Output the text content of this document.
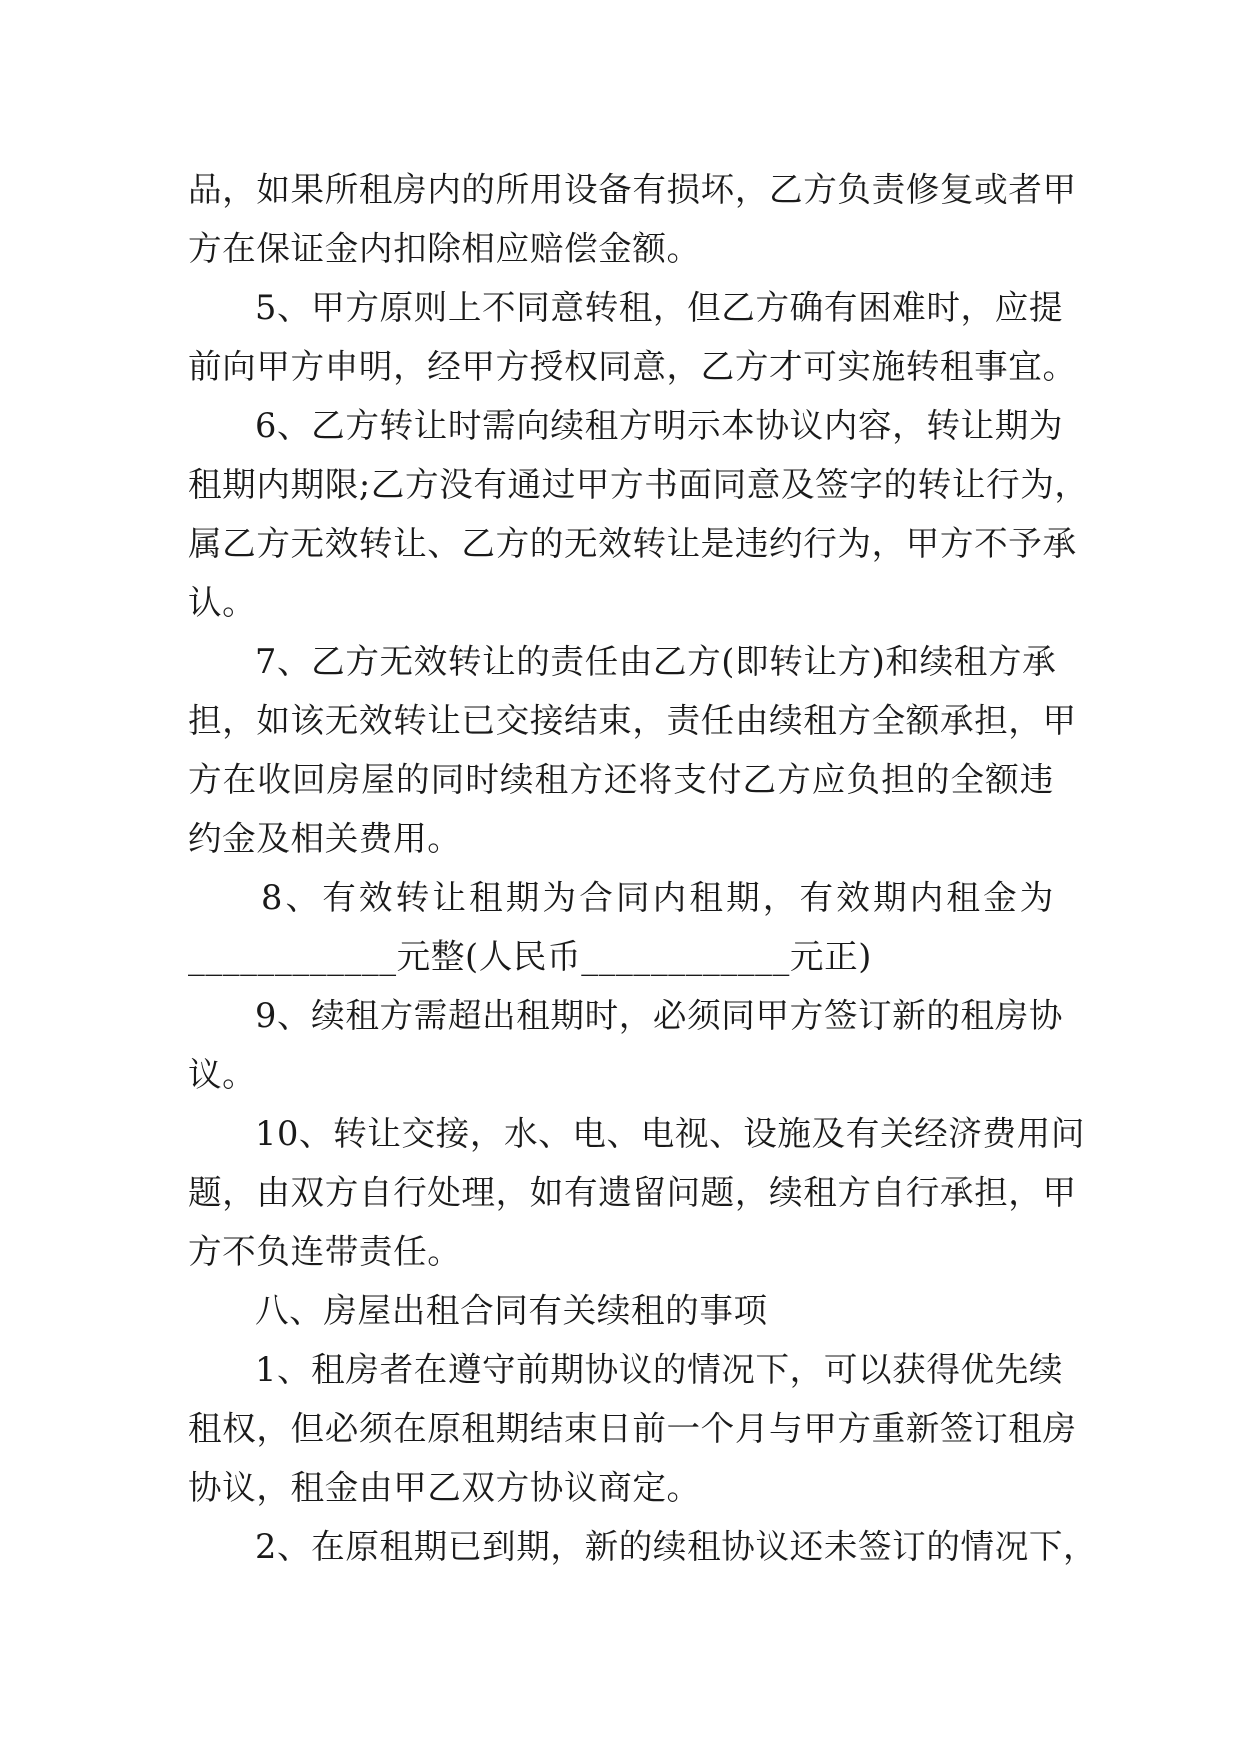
品，如果所租房内的所用设备有损坏，乙方负责修复或者甲
方在保证金内扣除相应赔偿金额。
5、甲方原则上不同意转租，但乙方确有困难时，应提
前向甲方申明，经甲方授权同意，乙方才可实施转租事宜。
6、乙方转让时需向续租方明示本协议内容，转让期为
租期内期限;乙方没有通过甲方书面同意及签字的转让行为，
属乙方无效转让、乙方的无效转让是违约行为，甲方不予承
认。
7、乙方无效转让的责任由乙方(即转让方)和续租方承
担，如该无效转让已交接结束，责任由续租方全额承担，甲
方在收回房屋的同时续租方还将支付乙方应负担的全额违
约金及相关费用。
8、有效转让租期为合同内租期，有效期内租金为
____________元整(人民币____________元正)
9、续租方需超出租期时，必须同甲方签订新的租房协
议。
10、转让交接，水、电、电视、设施及有关经济费用问
题，由双方自行处理，如有遗留问题，续租方自行承担，甲
方不负连带责任。
八、房屋出租合同有关续租的事项
1、租房者在遵守前期协议的情况下，可以获得优先续
租权，但必须在原租期结束日前一个月与甲方重新签订租房
协议，租金由甲乙双方协议商定。
2、在原租期已到期，新的续租协议还未签订的情况下，
